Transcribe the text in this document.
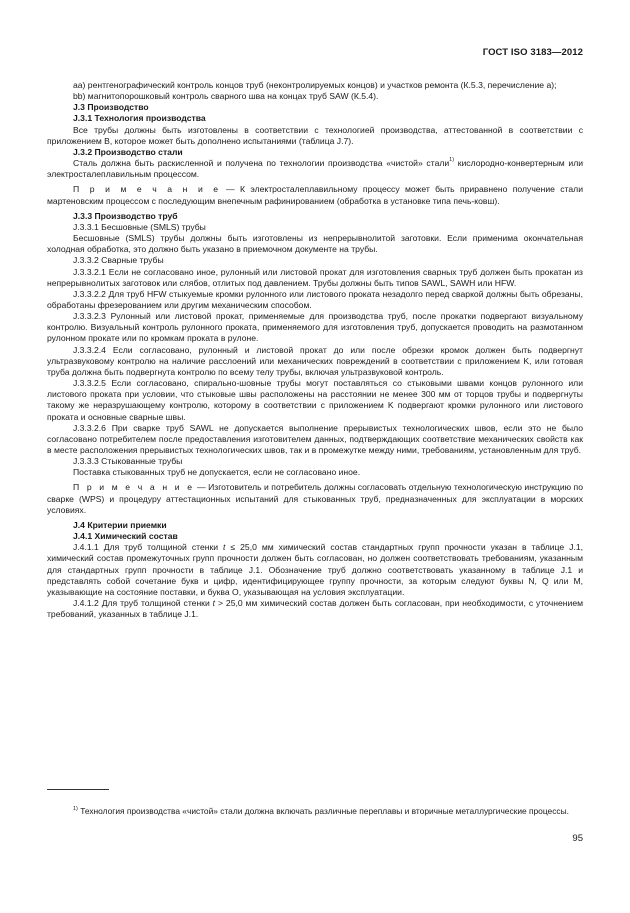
ГОСТ ISO 3183—2012

аа) рентгенографический контроль концов труб (неконтролируемых концов) и участков ремонта (К.5.3, перечисление а);

bb) магнитопорошковый контроль сварного шва на концах труб SAW (К.5.4).

J.3 Производство

J.3.1 Технология производства

Все трубы должны быть изготовлены в соответствии с технологией производства, аттестованной в соответствии с приложением В, которое может быть дополнено испытаниями (таблица J.7).

J.3.2 Производство стали

Сталь должна быть раскисленной и получена по технологии производства «чистой» стали$^{1)}$ кислородно-конвертерным или электросталеплавильным процессом.

П р и м е ч а н и е — К электросталеплавильному процессу может быть приравнено получение стали мартеновским процессом с последующим внепечным рафинированием (обработка в установке типа печь-ковш).

J.3.3 Производство труб

J.3.3.1 Бесшовные (SMLS) трубы

Бесшовные (SMLS) трубы должны быть изготовлены из непрерывнолитой заготовки. Если применима окончательная холодная обработка, это должно быть указано в приемочном документе на трубы.

J.3.3.2 Сварные трубы

J.3.3.2.1 Если не согласовано иное, рулонный или листовой прокат для изготовления сварных труб должен быть прокатан из непрерывнолитых заготовок или слябов, отлитых под давлением. Трубы должны быть типов SAWL, SAWH или HFW.

J.3.3.2.2 Для труб HFW стыкуемые кромки рулонного или листового проката незадолго перед сваркой должны быть обрезаны, обработаны фрезерованием или другим механическим способом.

J.3.3.2.3 Рулонный или листовой прокат, применяемые для производства труб, после прокатки подвергают визуальному контролю. Визуальный контроль рулонного проката, применяемого для изготовления труб, допускается проводить на размотанном рулонном прокате или по кромкам проката в рулоне.

J.3.3.2.4 Если согласовано, рулонный и листовой прокат до или после обрезки кромок должен быть подвергнут ультразвуковому контролю на наличие расслоений или механических повреждений в соответствии с приложением K, или готовая труба должна быть подвергнута контролю по всему телу трубы, включая ультразвуковой контроль.

J.3.3.2.5 Если согласовано, спирально-шовные трубы могут поставляться со стыковыми швами концов рулонного или листового проката при условии, что стыковые швы расположены на расстоянии не менее 300 мм от торцов трубы и подвергнуты такому же неразрушающему контролю, которому в соответствии с приложением K подвергают кромки рулонного или листового проката и основные сварные швы.

J.3.3.2.6 При сварке труб SAWL не допускается выполнение прерывистых технологических швов, если это не было согласовано потребителем после предоставления изготовителем данных, подтверждающих соответствие механических свойств как в месте расположения прерывистых технологических швов, так и в промежутке между ними, требованиям, установленным для труб.

J.3.3.3 Стыкованные трубы

Поставка стыкованных труб не допускается, если не согласовано иное.

П р и м е ч а н и е — Изготовитель и потребитель должны согласовать отдельную технологическую инструкцию по сварке (WPS) и процедуру аттестационных испытаний для стыкованных труб, предназначенных для эксплуатации в морских условиях.

J.4 Критерии приемки

J.4.1 Химический состав

J.4.1.1 Для труб толщиной стенки t ≤ 25,0 мм химический состав стандартных групп прочности указан в таблице J.1, химический состав промежуточных групп прочности должен быть согласован, но должен соответствовать требованиям, указанным для стандартных групп прочности в таблице J.1. Обозначение труб должно соответствовать указанному в таблице J.1 и представлять собой сочетание букв и цифр, идентифицирующее группу прочности, за которым следуют буквы N, Q или M, указывающие на состояние поставки, и буква O, указывающая на условия эксплуатации.

J.4.1.2 Для труб толщиной стенки t > 25,0 мм химический состав должен быть согласован, при необходимости, с уточнением требований, указанных в таблице J.1.

$^{1)}$ Технология производства «чистой» стали должна включать различные переплавы и вторичные металлургические процессы.

95
